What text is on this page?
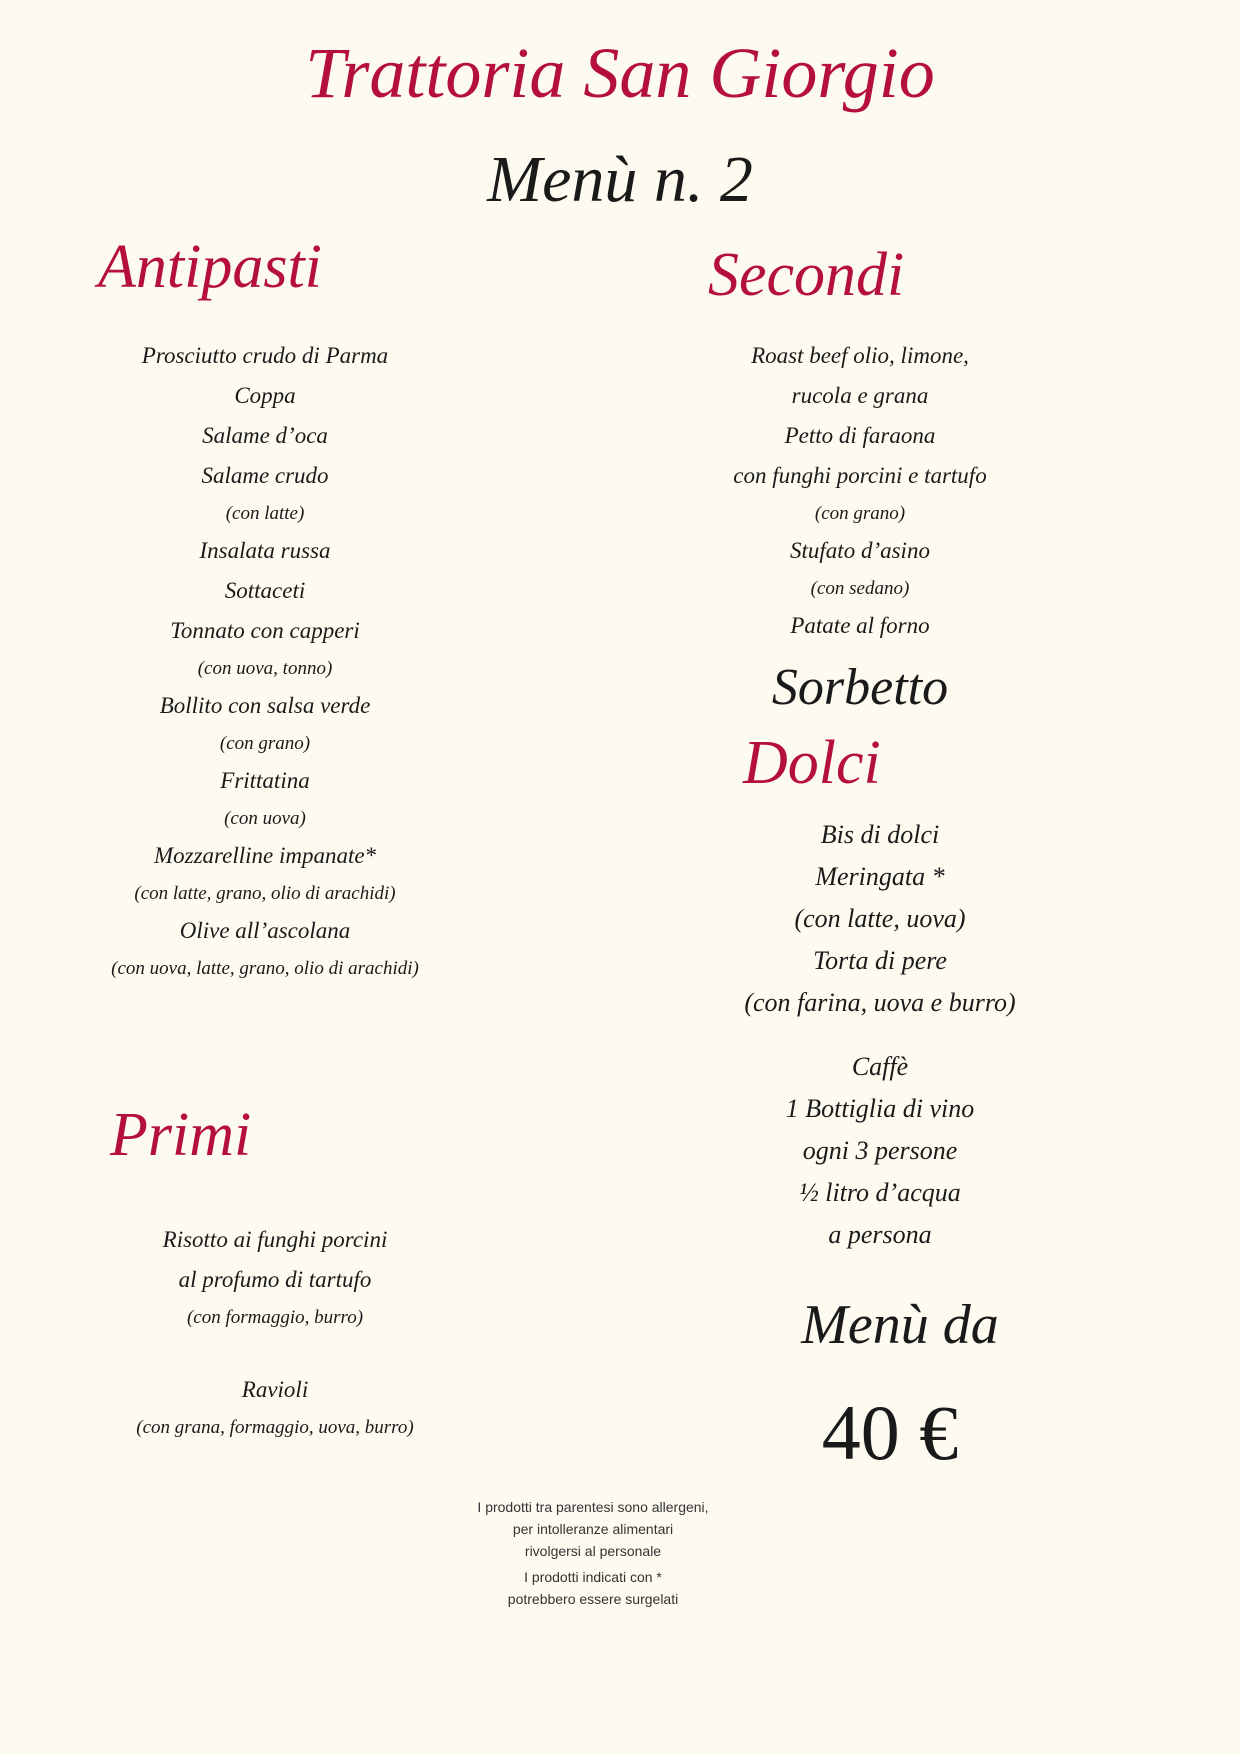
Trattoria San Giorgio
Menù n. 2
Antipasti
Prosciutto crudo di Parma
Coppa
Salame d’oca
Salame crudo
(con latte)
Insalata russa
Sottaceti
Tonnato con capperi
(con uova, tonno)
Bollito con salsa verde
(con grano)
Frittatina
(con uova)
Mozzarelline impanate*
(con latte, grano, olio di arachidi)
Olive all’ascolana
(con uova, latte, grano, olio di arachidi)
Primi
Risotto ai funghi porcini
al profumo di tartufo
(con formaggio, burro)
Ravioli
(con grana, formaggio, uova, burro)
Secondi
Roast beef olio, limone,
rucola e grana
Petto di faraona
con funghi porcini e tartufo
(con grano)
Stufato d’asino
(con sedano)
Patate al forno
Sorbetto
Dolci
Bis di dolci
Meringata *
(con latte, uova)
Torta di pere
(con farina, uova e burro)
Caffè
1 Bottiglia di vino
ogni 3 persone
½ litro d’acqua
a persona
Menù da
40 €
I prodotti tra parentesi sono allergeni,
per intolleranze alimentari
rivolgersi al personale
I prodotti indicati con *
potrebbero essere surgelati
